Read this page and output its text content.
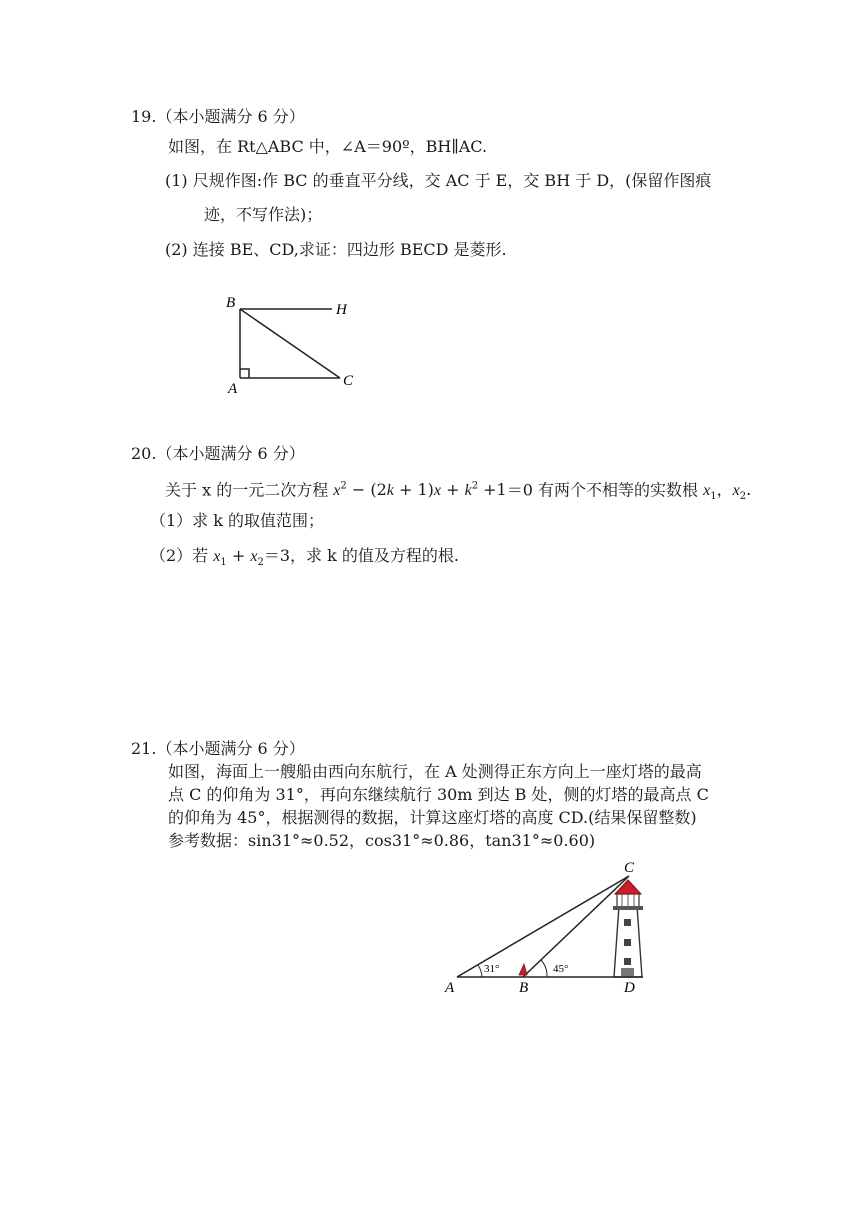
19.（本小题满分 6 分）
如图，在 Rt△ABC 中，∠A＝90º，BH∥AC.
(1) 尺规作图:作 BC 的垂直平分线，交 AC 于 E，交 BH 于 D，(保留作图痕
迹，不写作法)；
(2) 连接 BE、CD,求证：四边形 BECD 是菱形.
B	H
A	C
20.（本小题满分 6 分）
关于 x 的一元二次方程 $x^2 - (2k + 1)x + k^2 +1=0$ 有两个不相等的实数根 $x_1$，$x_2$.
（1）求 k 的取值范围；
（2）若 $x_1 + x_2=3$，求 k 的值及方程的根.
21.（本小题满分 6 分）
如图，海面上一艘船由西向东航行，在 A 处测得正东方向上一座灯塔的最高
点 C 的仰角为 31°，再向东继续航行 30m 到达 B 处，侧的灯塔的最高点 C
的仰角为 45°，根据测得的数据，计算这座灯塔的高度 CD.(结果保留整数)
参考数据：sin31°≈0.52，cos31°≈0.86，tan31°≈0.60)
31°	45°
A	B	D
C
